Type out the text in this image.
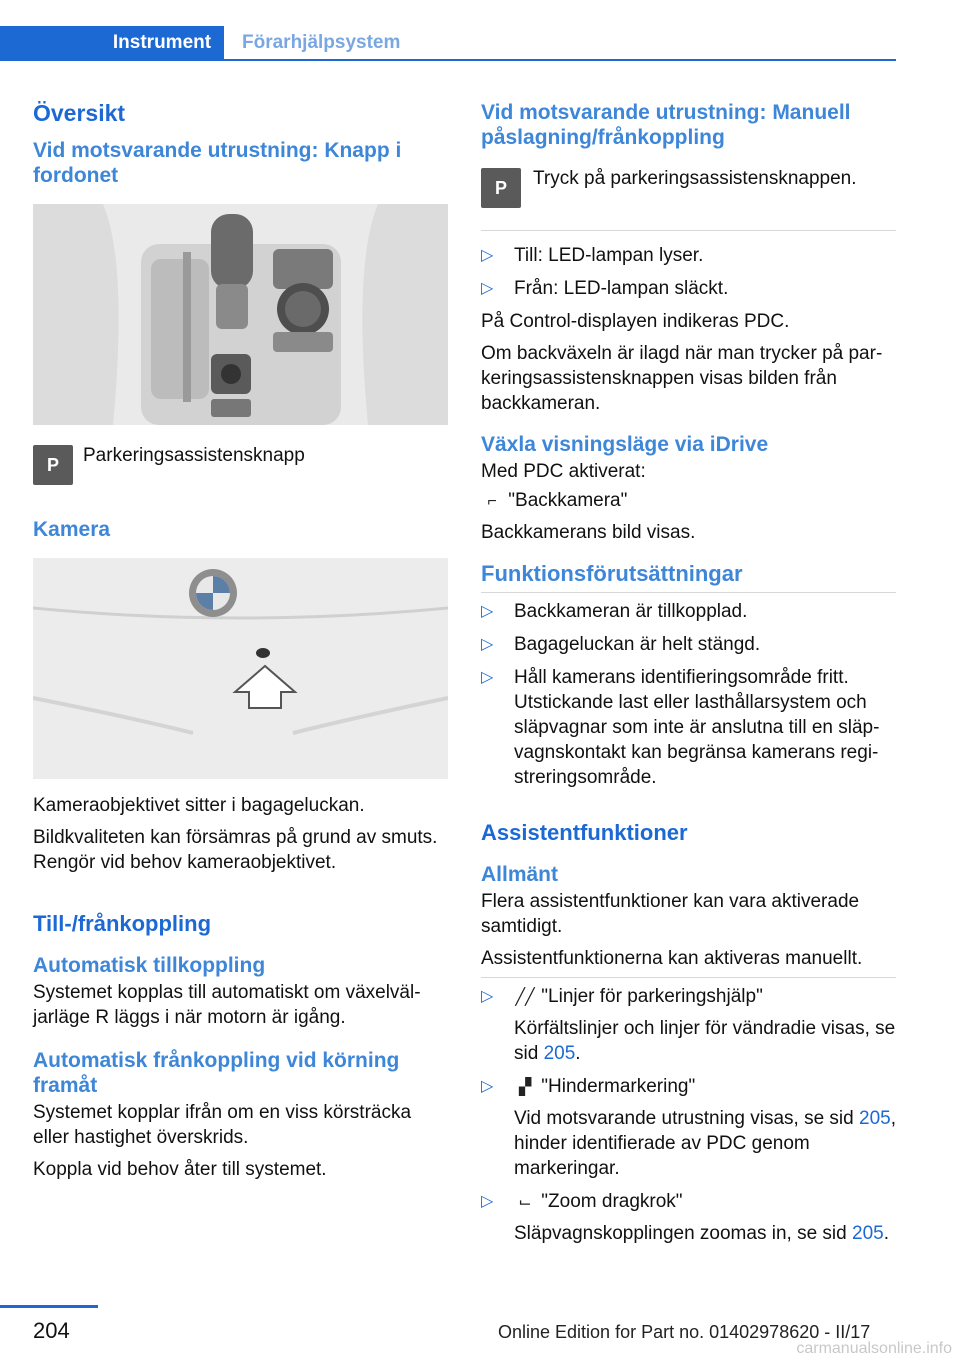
Instrument	Förarhjälpsystem
Översikt
Vid motsvarande utrustning: Knapp i fordonet
P	Parkeringsassistensknapp

Kamera

Kameraobjektivet sitter i bagageluckan.

Bildkvaliteten kan försämras på grund av smuts. Rengör vid behov kameraobjektivet.

Till-/frånkoppling
Automatisk tillkoppling

Systemet kopplas till automatiskt om växelväljarläge R läggs i när motorn är igång.

Automatisk frånkoppling vid körning framåt

Systemet kopplar ifrån om en viss körsträcka eller hastighet överskrids.

Koppla vid behov åter till systemet.

Vid motsvarande utrustning: Manuell påslagning/frånkoppling
P	Tryck på parkeringsassistensknappen.

▷ Till: LED-lampan lyser.
▷ Från: LED-lampan släckt.

På Control-displayen indikeras PDC.

Om backväxeln är ilagd när man trycker på parkeringsassistensknappen visas bilden från backkameran.

Växla visningsläge via iDrive

Med PDC aktiverat:

⌐ "Backkamera"

Backkamerans bild visas.

Funktionsförutsättningar
▷ Backkameran är tillkopplad.
▷ Bagageluckan är helt stängd.
▷ Håll kamerans identifieringsområde fritt. Utstickande last eller lasthållarsystem och släpvagnar som inte är anslutna till en släpvagnskontakt kan begränsa kamerans registreringsområde.
Assistentfunktioner
Allmänt

Flera assistentfunktioner kan vara aktiverade samtidigt.

Assistentfunktionerna kan aktiveras manuellt.

▷ ╱╱ "Linjer för parkeringshjälp"
Körfältslinjer och linjer för vändradie visas, se sid 205.
▷	▞ "Hindermarkering"
Vid motsvarande utrustning visas, se sid 205, hinder identifierade av PDC genom markeringar.
▷ ⌙ "Zoom dragkrok"
Släpvagnskopplingen zoomas in, se sid 205.
204	Online Edition for Part no. 01402978620 - II/17
carmanualsonline.info
